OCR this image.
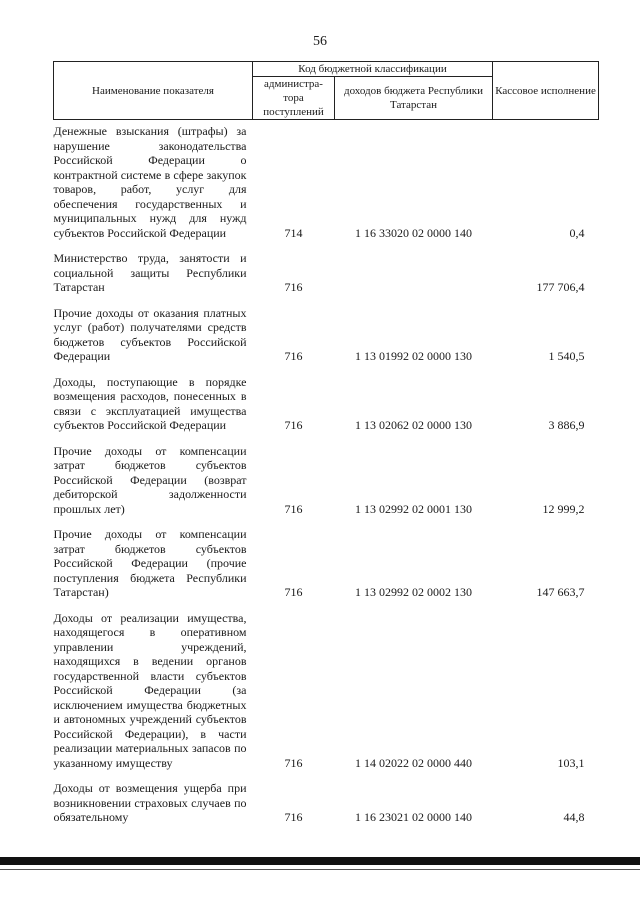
56
Наименование показателя	Код бюджетной классификации		Кассовое исполнение
	администра-тора поступлений	доходов бюджета Республики Татарстан	
Денежные взыскания (штрафы) за нарушение законодательства Российской Федерации о контрактной системе в сфере закупок товаров, работ, услуг для обеспечения государственных и муниципальных нужд для нужд субъектов Российской Федерации	714	1 16 33020 02 0000 140	0,4
Министерство труда, занятости и социальной защиты Республики Татарстан	716		177 706,4
Прочие доходы от оказания платных услуг (работ) получателями средств бюджетов субъектов Российской Федерации	716	1 13 01992 02 0000 130	1 540,5
Доходы, поступающие в порядке возмещения расходов, понесенных в связи с эксплуатацией имущества субъектов Российской Федерации	716	1 13 02062 02 0000 130	3 886,9
Прочие доходы от компенсации затрат бюджетов субъектов Российской Федерации (возврат дебиторской задолженности прошлых лет)	716	1 13 02992 02 0001 130	12 999,2
Прочие доходы от компенсации затрат бюджетов субъектов Российской Федерации (прочие поступления бюджета Республики Татарстан)	716	1 13 02992 02 0002 130	147 663,7
Доходы от реализации имущества, находящегося в оперативном управлении учреждений, находящихся в ведении органов государственной власти субъектов Российской Федерации (за исключением имущества бюджетных и автономных учреждений субъектов Российской Федерации), в части реализации материальных запасов по указанному имуществу	716	1 14 02022 02 0000 440	103,1
Доходы от возмещения ущерба при возникновении страховых случаев по обязательному	716	1 16 23021 02 0000 140	44,8
